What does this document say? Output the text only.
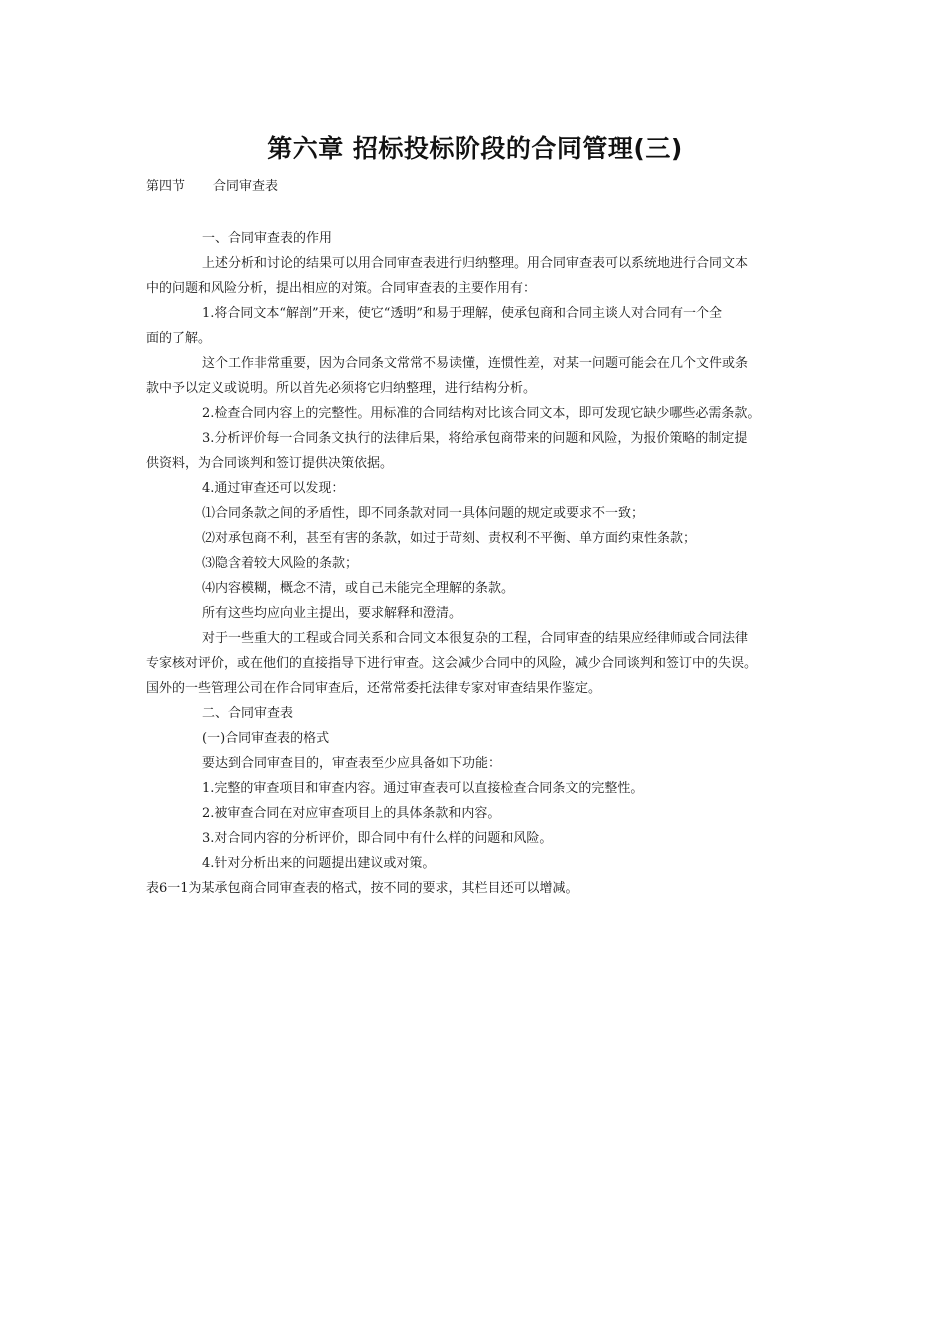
第六章 招标投标阶段的合同管理(三)
第四节 合同审查表

一、合同审查表的作用

上述分析和讨论的结果可以用合同审查表进行归纳整理。用合同审查表可以系统地进行合同文本

中的问题和风险分析，提出相应的对策。合同审查表的主要作用有：

1.将合同文本“解剖”开来，使它“透明”和易于理解，使承包商和合同主谈人对合同有一个全

面的了解。

这个工作非常重要，因为合同条文常常不易读懂，连惯性差，对某一问题可能会在几个文件或条

款中予以定义或说明。所以首先必须将它归纳整理，进行结构分析。

2.检查合同内容上的完整性。用标准的合同结构对比该合同文本，即可发现它缺少哪些必需条款。

3.分析评价每一合同条文执行的法律后果，将给承包商带来的问题和风险，为报价策略的制定提

供资料，为合同谈判和签订提供决策依据。

4.通过审查还可以发现：

⑴合同条款之间的矛盾性，即不同条款对同一具体问题的规定或要求不一致；

⑵对承包商不利，甚至有害的条款，如过于苛刻、责权利不平衡、单方面约束性条款；

⑶隐含着较大风险的条款；

⑷内容模糊，概念不清，或自己未能完全理解的条款。

所有这些均应向业主提出，要求解释和澄清。

对于一些重大的工程或合同关系和合同文本很复杂的工程，合同审查的结果应经律师或合同法律

专家核对评价，或在他们的直接指导下进行审查。这会减少合同中的风险，减少合同谈判和签订中的失误。

国外的一些管理公司在作合同审查后，还常常委托法律专家对审查结果作鉴定。

二、合同审查表

(一)合同审查表的格式

要达到合同审查目的，审查表至少应具备如下功能：

1.完整的审查项目和审查内容。通过审查表可以直接检查合同条文的完整性。

2.被审查合同在对应审查项目上的具体条款和内容。

3.对合同内容的分析评价，即合同中有什么样的问题和风险。

4.针对分析出来的问题提出建议或对策。

表6一1为某承包商合同审查表的格式，按不同的要求，其栏目还可以增减。
